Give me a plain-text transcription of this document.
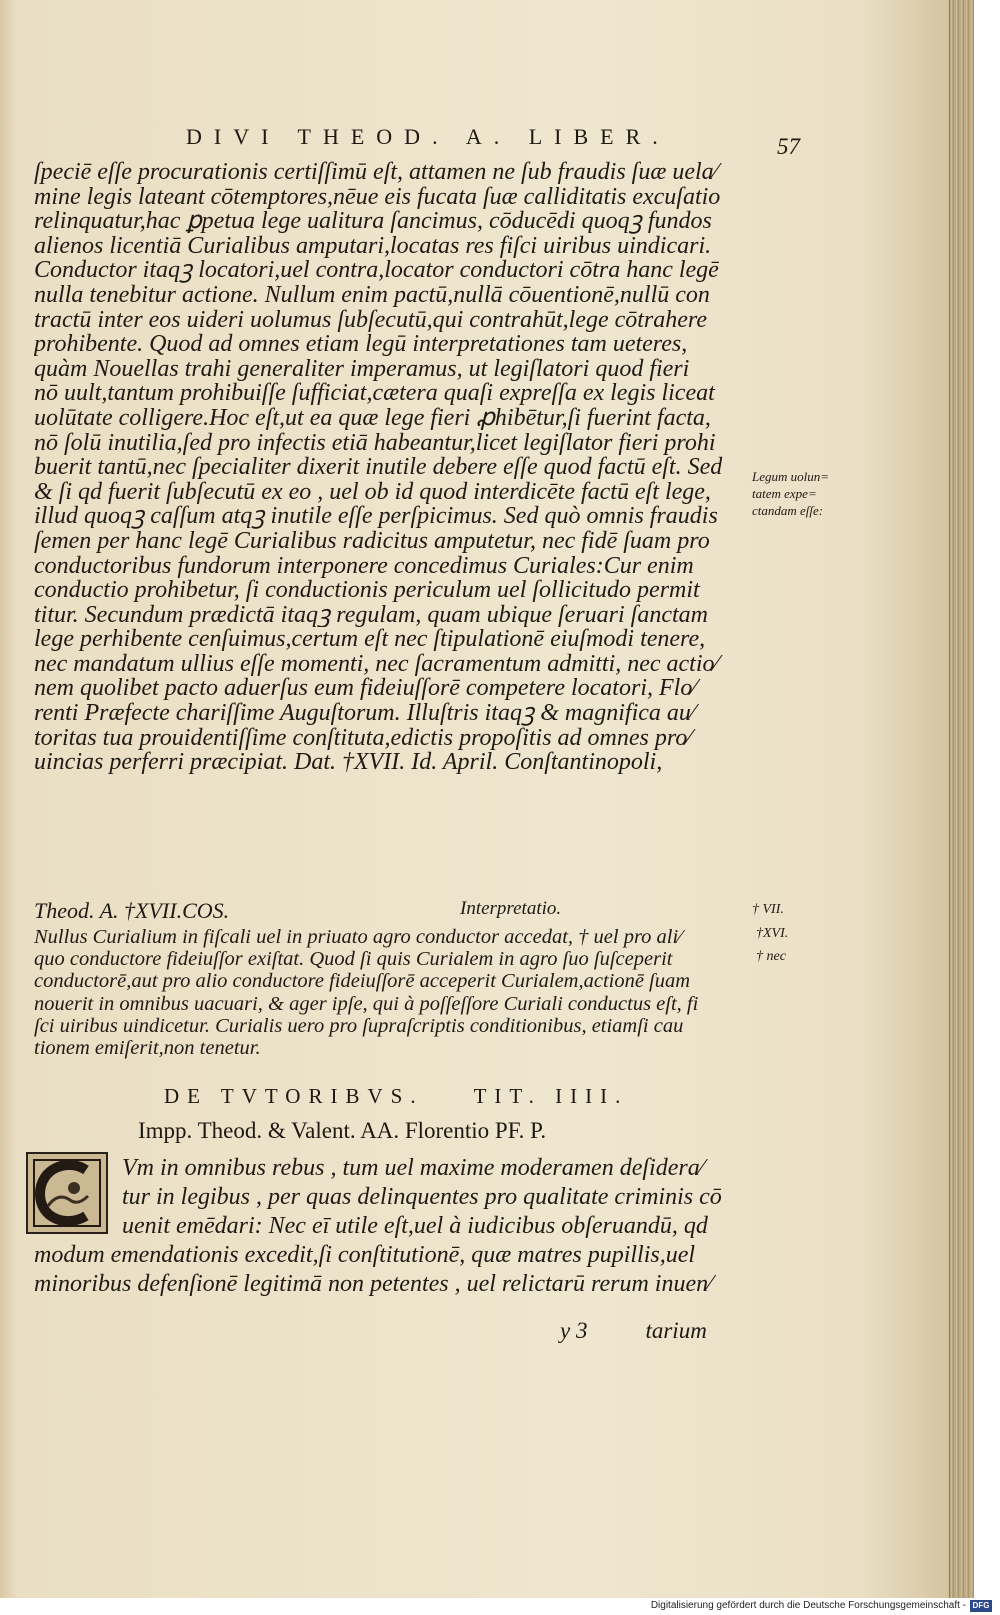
DIVI THEOD. A. LIBER.	57
ſpeciē eſſe procurationis certiſſimū eſt, attamen ne ſub fraudis ſuæ uela⁄
mine legis lateant cōtemptores,nēue eis fucata ſuæ calliditatis excuſatio
relinquatur,hac ꝑpetua lege ualitura ſancimus, cōducēdi quoqꝫ fundos
alienos licentiā Curialibus amputari,locatas res fiſci uiribus uindicari.
Conductor itaqꝫ locatori,uel contra,locator conductori cōtra hanc legē
nulla tenebitur actione. Nullum enim pactū,nullā cōuentionē,nullū con
tractū inter eos uideri uolumus ſubſecutū,qui contrahūt,lege cōtrahere
prohibente. Quod ad omnes etiam legū interpretationes tam ueteres,
quàm Nouellas trahi generaliter imperamus, ut legiſlatori quod fieri
nō uult,tantum prohibuiſſe ſufficiat,cætera quaſi expreſſa ex legis liceat
uolūtate colligere.Hoc eſt,ut ea quæ lege fieri ꝓhibētur,ſi fuerint facta,
nō ſolū inutilia,ſed pro infectis etiā habeantur,licet legiſlator fieri prohi
buerit tantū,nec ſpecialiter dixerit inutile debere eſſe quod factū eſt. Sed
& ſi qd fuerit ſubſecutū ex eo , uel ob id quod interdicēte factū eſt lege,
illud quoqꝫ caſſum atqꝫ inutile eſſe perſpicimus. Sed quò omnis fraudis
ſemen per hanc legē Curialibus radicitus amputetur, nec fidē ſuam pro
conductoribus fundorum interponere concedimus Curiales:Cur enim
conductio prohibetur, ſi conductionis periculum uel ſollicitudo permit
titur. Secundum prædictā itaqꝫ regulam, quam ubique ſeruari ſanctam
lege perhibente cenſuimus,certum eſt nec ſtipulationē eiuſmodi tenere,
nec mandatum ullius eſſe momenti, nec ſacramentum admitti, nec actio⁄
nem quolibet pacto aduerſus eum fideiuſſorē competere locatori, Flo⁄
renti Præfecte chariſſime Auguſtorum. Illuſtris itaqꝫ & magnifica au⁄
toritas tua prouidentiſſime conſtituta,edictis propoſitis ad omnes pro⁄
uincias perferri præcipiat. Dat. †XVII. Id. April. Conſtantinopoli,
Theod. A. †XVII.COS.	Interpretatio.
Nullus Curialium in fiſcali uel in priuato agro conductor accedat, † uel pro ali⁄
quo conductore fideiuſſor exiſtat. Quod ſi quis Curialem in agro ſuo ſuſceperit
conductorē,aut pro alio conductore fideiuſſorē acceperit Curialem,actionē ſuam
nouerit in omnibus uacuari, & ager ipſe, qui à poſſeſſore Curiali conductus eſt, fi
ſci uiribus uindicetur. Curialis uero pro ſupraſcriptis conditionibus, etiamſi cau
tionem emiſerit,non tenetur.
DE TVTORIBVS. TIT. IIII.
Impp. Theod. & Valent. AA. Florentio PF. P.
Vm in omnibus rebus , tum uel maxime moderamen deſidera⁄
tur in legibus , per quas delinquentes pro qualitate criminis cō
uenit emēdari: Nec eī utile eſt,uel à iudicibus obſeruandū, qd
modum emendationis excedit,ſi conſtitutionē, quæ matres pupillis,uel
minoribus defenſionē legitimā non petentes , uel relictarū rerum inuen⁄
y 3	tarium
Legum uolun=
tatem expe=
ctandam eſſe:
† VII.
†XVI.
† nec
Digitalisierung gefördert durch die Deutsche Forschungsgemeinschaft - DFG
